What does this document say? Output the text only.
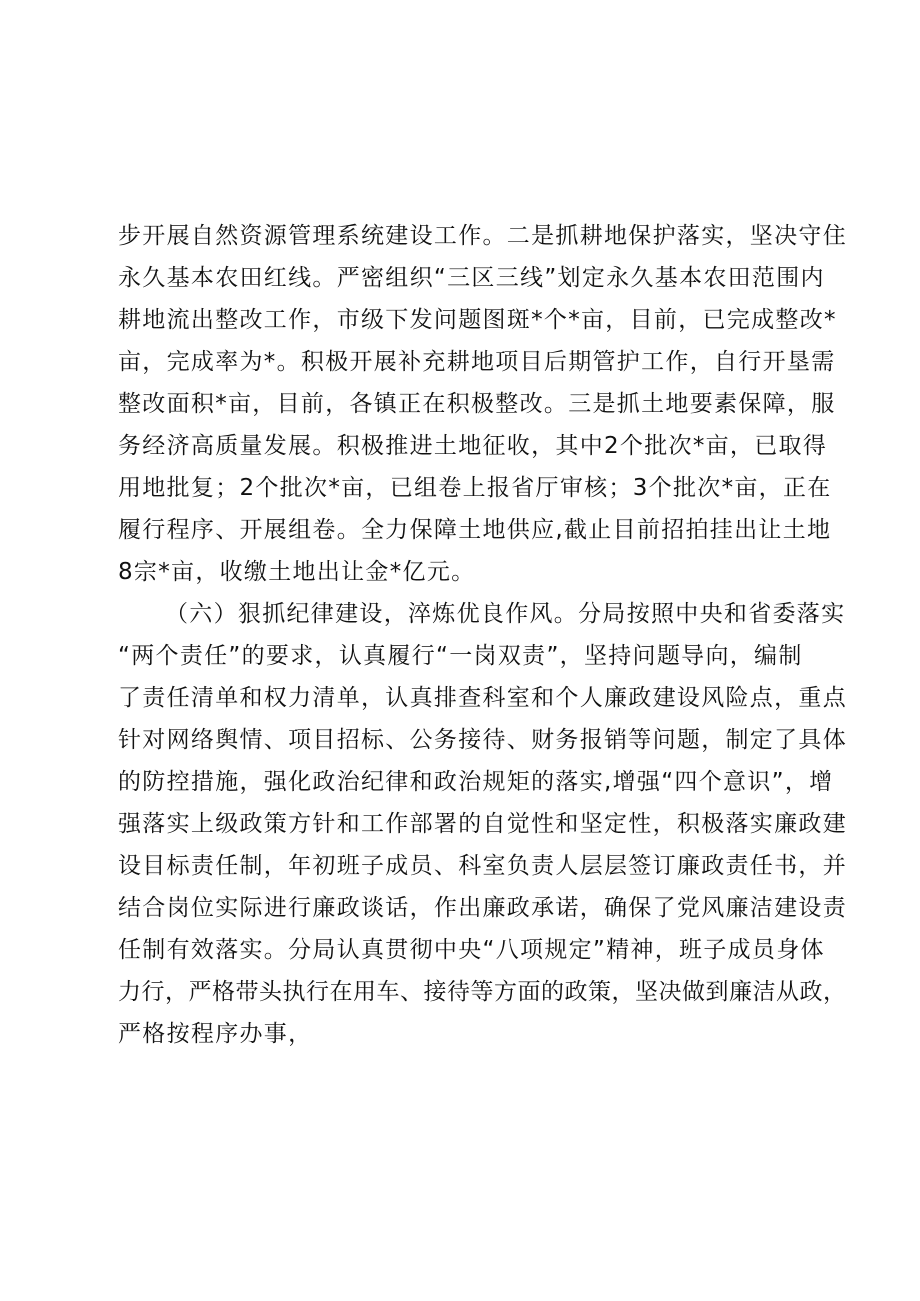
步开展自然资源管理系统建设工作。二是抓耕地保护落实，坚决守住
永久基本农田红线。严密组织“三区三线”划定永久基本农田范围内
耕地流出整改工作，市级下发问题图斑*个*亩，目前，已完成整改*
亩，完成率为*。积极开展补充耕地项目后期管护工作，自行开垦需
整改面积*亩，目前，各镇正在积极整改。三是抓土地要素保障，服
务经济高质量发展。积极推进土地征收，其中2个批次*亩，已取得
用地批复；2个批次*亩，已组卷上报省厅审核；3个批次*亩，正在
履行程序、开展组卷。全力保障土地供应,截止目前招拍挂出让土地
8宗*亩，收缴土地出让金*亿元。
（六）狠抓纪律建设，淬炼优良作风。分局按照中央和省委落实
“两个责任”的要求，认真履行“一岗双责”，坚持问题导向，编制
了责任清单和权力清单，认真排查科室和个人廉政建设风险点，重点
针对网络舆情、项目招标、公务接待、财务报销等问题，制定了具体
的防控措施，强化政治纪律和政治规矩的落实,增强“四个意识”，增
强落实上级政策方针和工作部署的自觉性和坚定性，积极落实廉政建
设目标责任制，年初班子成员、科室负责人层层签订廉政责任书，并
结合岗位实际进行廉政谈话，作出廉政承诺，确保了党风廉洁建设责
任制有效落实。分局认真贯彻中央“八项规定”精神，班子成员身体
力行，严格带头执行在用车、接待等方面的政策，坚决做到廉洁从政，
严格按程序办事，
